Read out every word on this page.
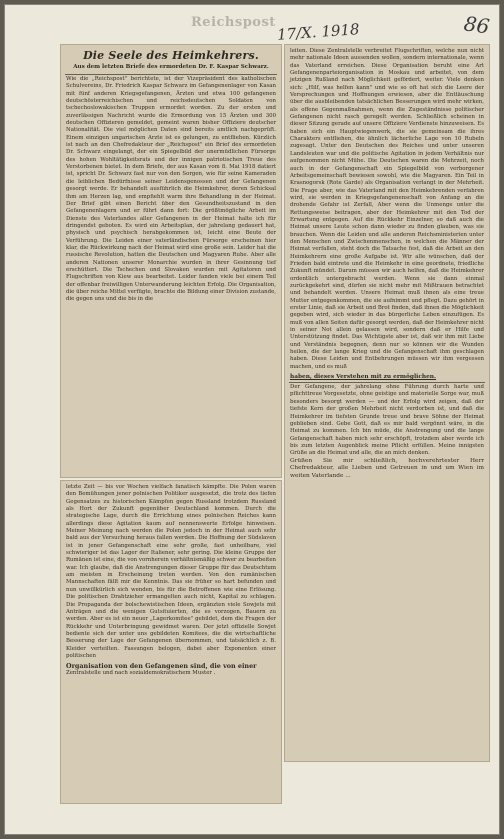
Reichspost 17/X. 1918	86
Die Seele des Heimkehrers.
Aus dem letzten Briefe des ermordeten Dr. F. Kaspar Schwarz.

Wie die „Reichspost" berichtete, ist der Vizepräsident des katholischen Schulvereins, Dr. Friedrich Kaspar Schwarz im Gefangenenlager von Kasan mit fünf anderen Kriegsgefangenen, Ärzten und etwa 100 gefangenen deutschösterreichischen und reichsdeutschen Soldaten von tschechoslowakischen Truppen ermordet worden. Zu der ersten und zuverlässigen Nachricht wurde die Ermordung von 15 Ärzten und 300 deutschen Offizieren gemeldet, gemeint waren bisher Offiziere deutscher Nationalität. Die viel möglichen Daten sind bereits amtlich nachgeprüft. Einem einzigen ungarischen Arzte ist es gelungen, zu entfliehen. Kürzlich ist nach an den Chefredakteur der „Reichspost" ein Brief des ermordeten Dr. Schwarz eingelangt, der ein Spiegelbild der unermüdlichen Fürsorge des hohen Wohltätigkeitsrats und der innigen patriotischen Treue des Verstorbenen bietet. In dem Briefe, der aus Kasan vom 8. Mai 1918 datiert ist, spricht Dr. Schwarz fast nur von den Sorgen, wie für seine Kameraden die leiblichen Bedürfnisse seiner Leidensgenossen und der Gefangenen gesorgt werde. Er behandelt ausführlich die Heimkehrer, deren Schicksal ihm am Herzen lag, und empfiehlt warm ihre Behandlung in der Heimat. Der Brief gibt einen Bericht über den Gesundheitszustand in den Gefangenenlagern und er führt dann fort: Die größtmögliche Arbeit im Dienste des Vaterlandes aller Gefangenen in der Heimat halte ich für dringendst geboten. Es wird ein Arbeitsplan, der jahrelang gedauert hat, physisch und psychisch herabgekommen ist, leicht eine Beute der Verführung. Die Leiden einer vaterländischen Fürsorge erscheinen hier klar, die Rückwirkung nach der Heimat wird eine große sein. Leider hat die russische Revolution, hatten die Deutschen und Magyaren Ruhe. Aber alle anderen Nationen unserer Monarchie wurden in ihrer Gesinnung tief erschüttert. Die Tschechen und Slovaken wurden mit Agitatoren und Flugschriften von Kiew aus bearbeitet. Leider fanden viele bei einem Teil der offenbar freiwilligen Unterwanderung leichten Erfolg. Die Organisation, die über reiche Mittel verfügte, brachte die Bildung einer Division zustande, die gegen uns und die bis in die

letzte Zeit — bis vor Wochen vielfach fanatisch kämpfte. Die Polen waren den Bemühungen jener polnischen Politiker ausgesetzt, die trotz des tiefen Gegensatzes zu historischen Kämpfen gegen Russland trotzdem Russland als Hort der Zukunft gegenüber Deutschland kommen. Durch die strategische Lage, durch die Errichtung eines polnischen Reiches kann allerdings diese Agitation kaum auf nennenswerte Erfolge hinweisen. Meiner Meinung nach werden die Polen jedoch in der Heimat auch sehr bald aus der Versuchung heraus fallen werden. Die Hoffnung der Südslaven ist in jener Gefangenschaft eine sehr große, fast unheilbare, viel schwieriger ist das Lager der Italiener, sehr gering. Die kleine Gruppe der Rumänen ist eine, die von vornherein verhältnismäßig schwer zu bearbeiten war. Ich glaube, daß die Anstrengungen dieser Gruppe für das Deutschtum am meisten in Erscheinung treten werden. Von den rumänischen Mannschaften fällt mir die Kenntnis. Das sie früher so hart befunden und nun unwillkürlich sich wenden, bis für die Betroffenen wie eine Erlösung. Die politischen Drahtzieher ermangelten auch nicht, Kapital zu schlagen. Die Propaganda der bolschewistischen Ideen, ergänzten viele Sowjets mit Anträgen und die wenigen Gutsituierten, die es vorzogen, Bauern zu werden. Aber es ist ein neuer „Lagerkomitee" gebildet, dem die Fragen der Rückkehr und Unterbringung gewidmet waren. Der jetzt offizielle Sowjet bediente sich der unter uns gebildeten Komitees, die die wirtschaftliche Besserung der Lage der Gefangenen übernommen, und tatsächlich z. B. Kleider verteilten. Fassungen belogen, dabei aber Exponenten einer politischen

Organisation von den Gefangenen sind, die von einer

Zentralstelle und nach sozialdemokratischem Muster .

leiten. Diese Zentralstelle verbreitet Flugschriften, welche nun nicht mehr nationale Ideen aussenden wollen, sondern internationale, wenn das Vaterland erreichen. Diese Organisation beruht eine Art Gefangenenparteiorganisation in Moskau und arbeitet, von dem jetzigen Rußland nach Möglichkeit gefördert, weiter. Viele denken sich: „Hilf, was helfen kann" und wie so oft hat sich die Leere der Versprechungen und Hoffnungen erwiesen, aber die Enttäuschung über die ausbleibenden tatsächlichen Besserungen wird mehr wirken, als offene Gegenmaßnahmen, wenn die Zugeständnisse politischer Gefangenen nicht rasch geregelt werden. Schließlich scheinen in dieser Sitzung gerade auf unsere Offiziere Verdienste hinzuweisen. Es haben sich ein Hauptwiegenwerk, die sie gemeinsam die ihres Charakters entfliehen, die ähnlich lächerliche Lage von 10 Rubeln zugesagt. Unter den Deutschen des Reiches und unter unseren Landsleuten war und die politische Agitation in jedem Verhältnis nur aufgenommen nicht Mühe. Die Deutschen waren die Mehrzeit, noch auch in der Gefangenschaft ein Spiegelbild von verborgener Arbeitsgemeinschaft bewiesen sowohl, wie die Magyaren. Ein Teil in Krasnogorsk (Rote Garde) als Organisation verlangt in der Mehrheit. Die Frage aber, wie das Vaterland mit den Heimkehrenden verfahren wird, sie werden in Kriegsgefangenenschaft von Anfang an die drohende Gefahr ist Zerfall, Aber wenn die Unmenge unter die Rettungsweise beitragen, aber der Heimkehrer mit den Tod der Erwartung entgegen. Auf die Rückkehr Einzelner, so daß auch die Heimat unsere Leute schon dann wieder zu finden glauben, was sie brauchen. Wenn die Leiden und alle anderen Reichsministerien unter den Menschen und Zwischenmenschen, in welchen die Männer der Heimat verfallen, steht doch die Tatsache fest, daß die Arbeit an den Heimkehrern eine große Aufgabe ist. Wir alle wünschen, daß der Frieden bald eintrete und die Heimkehr in eine geordnete, friedliche Zukunft mündet. Darum müssen wir auch helfen, daß die Heimkehrer ordentlich untergebracht werden. Wenn sie dann einmal zurückgekehrt sind, dürfen sie nicht mehr mit Mißtrauen betrachtet und behandelt werden. Unsere Heimat muß ihnen als eine treue Mutter entgegenkommen, die sie aufnimmt und pflegt. Dazu gehört in erster Linie, daß sie Arbeit und Brot finden, daß ihnen die Möglichkeit gegeben wird, sich wieder in das bürgerliche Leben einzufügen. Es muß von allen Seiten dafür gesorgt werden, daß der Heimkehrer nicht in seiner Not allein gelassen wird, sondern daß er Hilfe und Unterstützung findet. Das Wichtigste aber ist, daß wir ihm mit Liebe und Verständnis begegnen, denn nur so können wir die Wunden heilen, die der lange Krieg und die Gefangenschaft ihm geschlagen haben. Diese Leiden und Entbehrungen müssen wir ihm vergessen machen, und es muß

haben, dieses Verstehen mit zu ermöglichen.

Der Gefangene, der jahrelang ohne Führung durch harte und pflichttreue Vorgesetzte, ohne geistige und materielle Sorge war, muß besonders besorgt werden — und der Erfolg wird zeigen, daß der tiefste Kern der großen Mehrheit nicht verdorben ist, und daß die Heimkehrer im tiefsten Grunde treue und brave Söhne der Heimat geblieben sind. Gebe Gott, daß es mir bald vergönnt wäre, in die Heimat zu kommen. Ich bin müde, die Anstrengung und die lange Gefangenschaft haben mich sehr erschöpft, trotzdem aber werde ich bis zum letzten Augenblick meine Pflicht erfüllen. Meine innigsten Grüße an die Heimat und alle, die an mich denken.

Grüßen Sie mir schließlich, hochverehrtester Herr Chefredakteur, alle Lieben und Getreuen in und um Wien im weiten Vaterlande ...
